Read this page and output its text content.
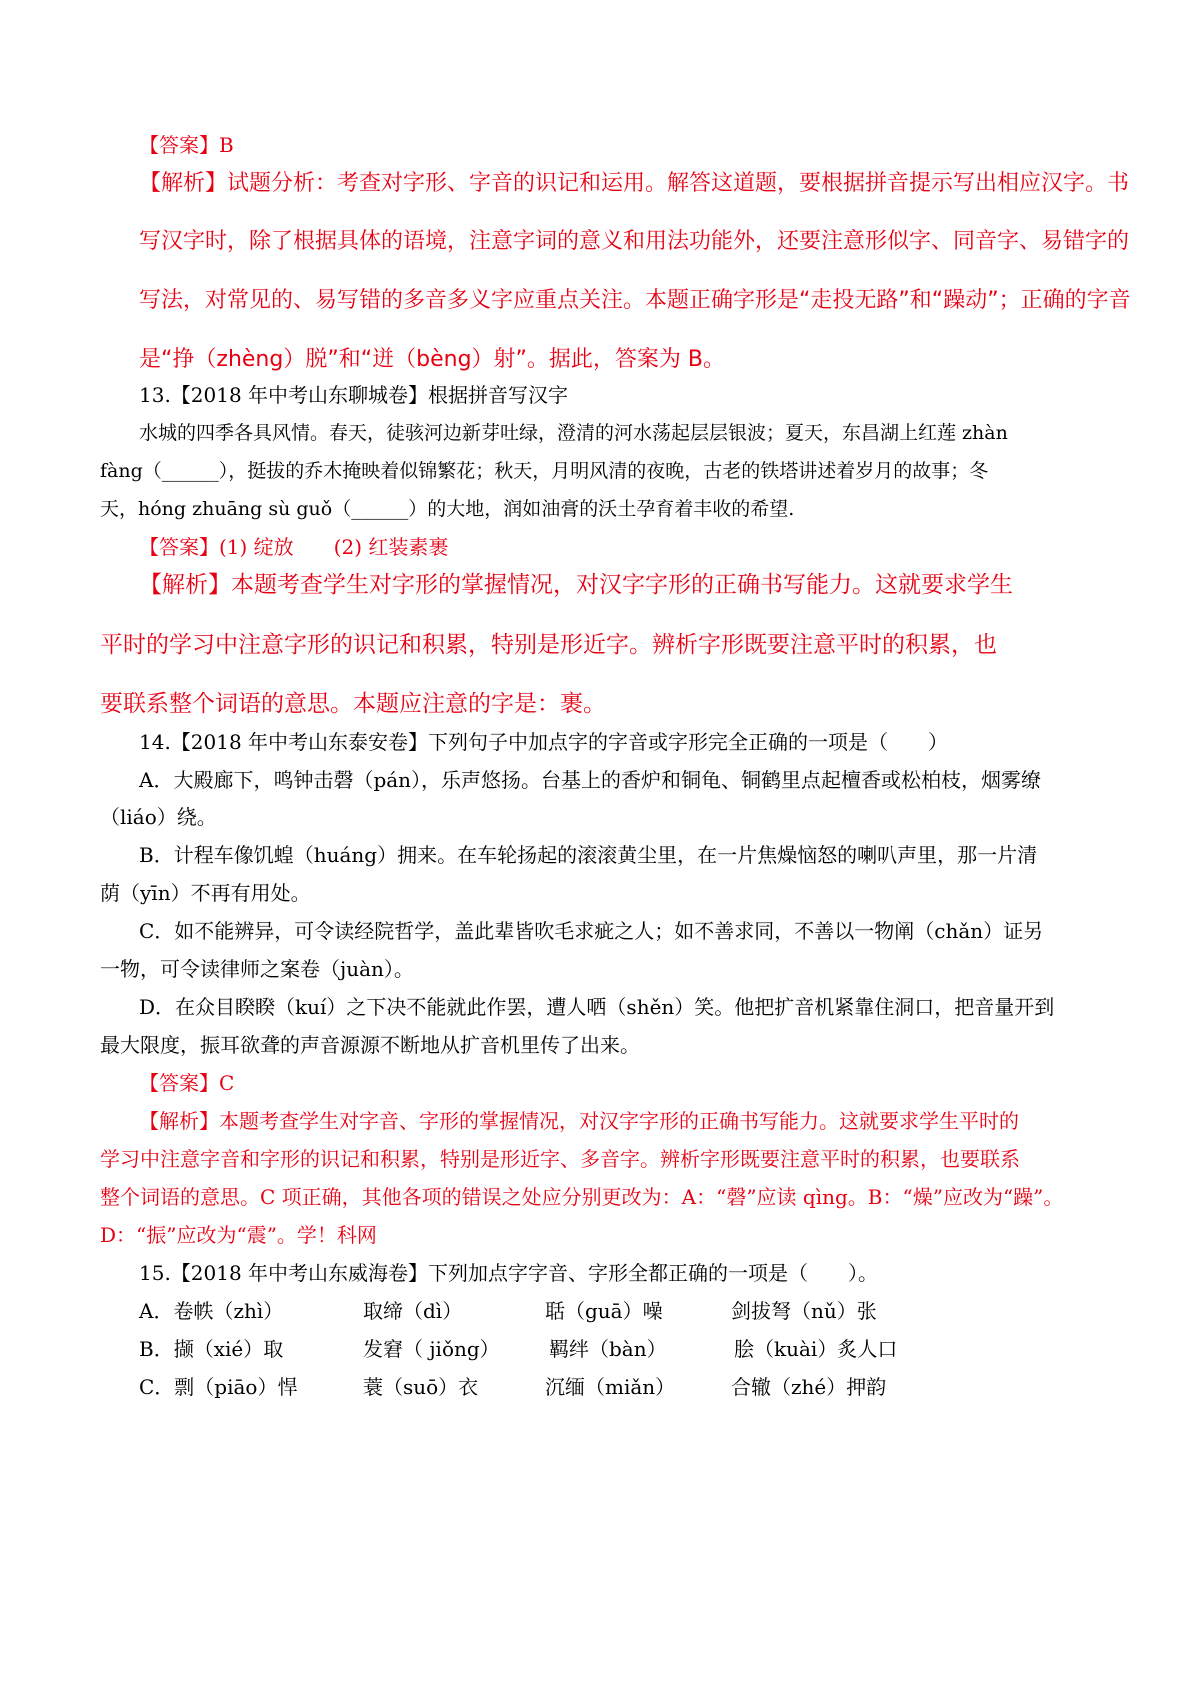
【答案】B
【解析】试题分析：考查对字形、字音的识记和运用。解答这道题，要根据拼音提示写出相应汉字。书
写汉字时，除了根据具体的语境，注意字词的意义和用法功能外，还要注意形似字、同音字、易错字的
写法，对常见的、易写错的多音多义字应重点关注。本题正确字形是“走投无路”和“躁动”；正确的字音
是“挣（zhèng）脱”和“迸（bèng）射”。据此，答案为 B。
13.【2018 年中考山东聊城卷】根据拼音写汉字
水城的四季各具风情。春天，徒骇河边新芽吐绿，澄清的河水荡起层层银波；夏天，东昌湖上红莲 zhàn
fàng（______），挺拔的乔木掩映着似锦繁花；秋天，月明风清的夜晚，古老的铁塔讲述着岁月的故事；冬
天，hóng zhuāng sù guǒ（______）的大地，润如油膏的沃土孕育着丰收的希望.
【答案】(1) 绽放　　(2) 红装素裹
【解析】本题考查学生对字形的掌握情况，对汉字字形的正确书写能力。这就要求学生
平时的学习中注意字形的识记和积累，特别是形近字。辨析字形既要注意平时的积累，也
要联系整个词语的意思。本题应注意的字是：裹。
14.【2018 年中考山东泰安卷】下列句子中加点字的字音或字形完全正确的一项是（　　）
A．大殿廊下，鸣钟击磬（pán），乐声悠扬。台基上的香炉和铜龟、铜鹤里点起檀香或松柏枝，烟雾缭
（liáo）绕。
B．计程车像饥蝗（huáng）拥来。在车轮扬起的滚滚黄尘里，在一片焦燥恼怒的喇叭声里，那一片清
荫（yīn）不再有用处。
C．如不能辨异，可令读经院哲学，盖此辈皆吹毛求疵之人；如不善求同，不善以一物阐（chǎn）证另
一物，可令读律师之案卷（juàn）。
D．在众目睽睽（kuí）之下决不能就此作罢，遭人哂（shěn）笑。他把扩音机紧靠住洞口，把音量开到
最大限度，振耳欲聋的声音源源不断地从扩音机里传了出来。
【答案】C
【解析】本题考查学生对字音、字形的掌握情况，对汉字字形的正确书写能力。这就要求学生平时的
学习中注意字音和字形的识记和积累，特别是形近字、多音字。辨析字形既要注意平时的积累，也要联系
整个词语的意思。C 项正确，其他各项的错误之处应分别更改为：A：“磬”应读 qìng。B：“燥”应改为“躁”。
D：“振”应改为“震”。学！科网
15.【2018 年中考山东威海卷】下列加点字字音、字形全都正确的一项是（　　）。
A．卷帙（zhì）	取缔（dì）	聒（guā）噪	剑拔弩（nǔ）张
B．撷（xié）取	发窘（ jiǒng） 羁绊（bàn）	脍（kuài）炙人口
C．剽（piāo）悍	蓑（suō）衣	沉缅（miǎn）	合辙（zhé）押韵
